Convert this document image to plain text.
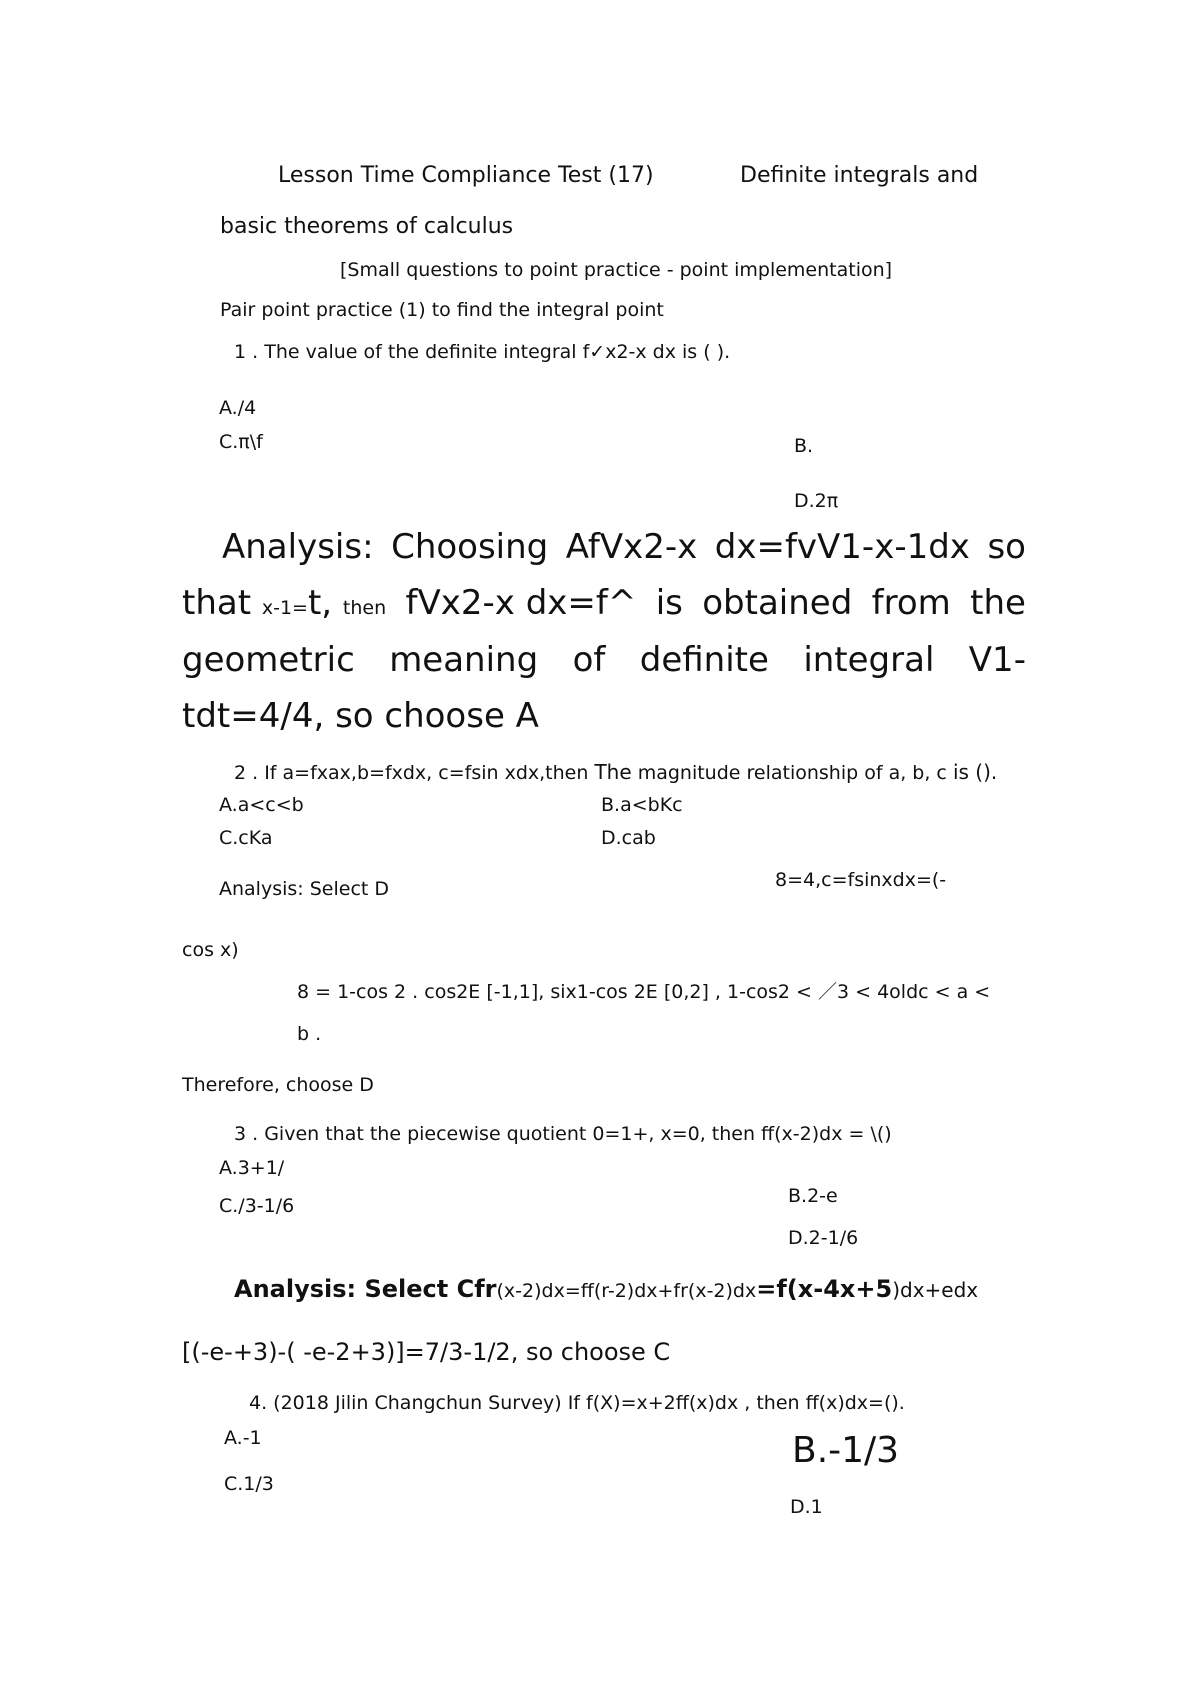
Lesson Time Compliance Test (17)	Definite integrals and
basic theorems of calculus
[Small questions to point practice - point implementation]
Pair point practice (1) to find the integral point
1 . The value of the definite integral f✓x2-x dx is ( ).
A./4
C.π\f	B.
D.2π
Analysis: Choosing AfVx2-x dx=fvV1-x-1dx so
that x-1=t, then fVx2-x dx=f^ is obtained from the
geometric meaning of definite integral V1-
tdt=4/4, so choose A
2 . If a=fxax,b=fxdx, c=fsin xdx,then The magnitude relationship of a, b, c is ().
A.a<c<b	B.a<bKc
C.cKa	D.cab
Analysis: Select D	8=4,c=fsinxdx=(-
cos x)
8 = 1-cos 2 . cos2E [-1,1], six1-cos 2E [0,2] , 1-cos2 < ／3 < 4oldc < a <
b .
Therefore, choose D
3 . Given that the piecewise quotient 0=1+, x=0, then ff(x-2)dx = \()
A.3+1/
C./3-1/6	B.2-e
D.2-1/6
Analysis: Select Cfr(x-2)dx=ff(r-2)dx+fr(x-2)dx=f(x-4x+5)dx+edx
[(-e-+3)-( -e-2+3)]=7/3-1/2, so choose C
4. (2018 Jilin Changchun Survey) If f(X)=x+2ff(x)dx , then ff(x)dx=().
A.-1
C.1/3
B.-1/3
D.1
